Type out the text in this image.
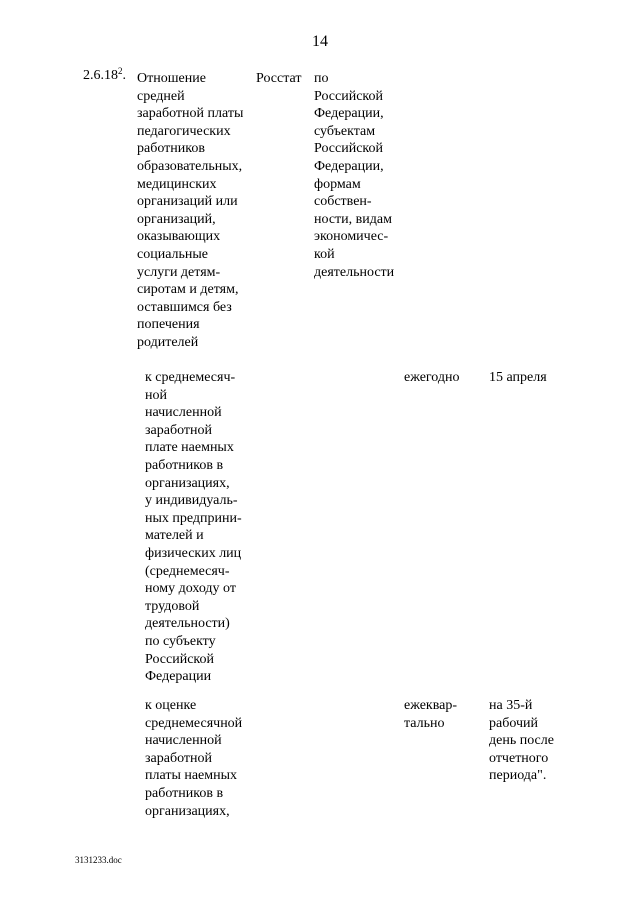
14
2.6.18$^2$. Отношение
средней
заработной платы
педагогических
работников
образовательных,
медицинских
организаций или
организаций,
оказывающих
социальные
услуги детям-
сиротам и детям,
оставшимся без
попечения
родителей
Росстат по
Российской
Федерации,
субъектам
Российской
Федерации,
формам
собствен-
ности, видам
экономичес-
кой
деятельности
к среднемесяч-
ной
начисленной
заработной
плате наемных
работников в
организациях,
у индивидуаль-
ных предприни-
мателей и
физических лиц
(среднемесяч-
ному доходу от
трудовой
деятельности)
по субъекту
Российской
Федерации
ежегодно 15 апреля
к оценке
среднемесячной
начисленной
заработной
платы наемных
работников в
организациях,
ежеквар-
тально
на 35-й
рабочий
день после
отчетного
периода".
3131233.doc
